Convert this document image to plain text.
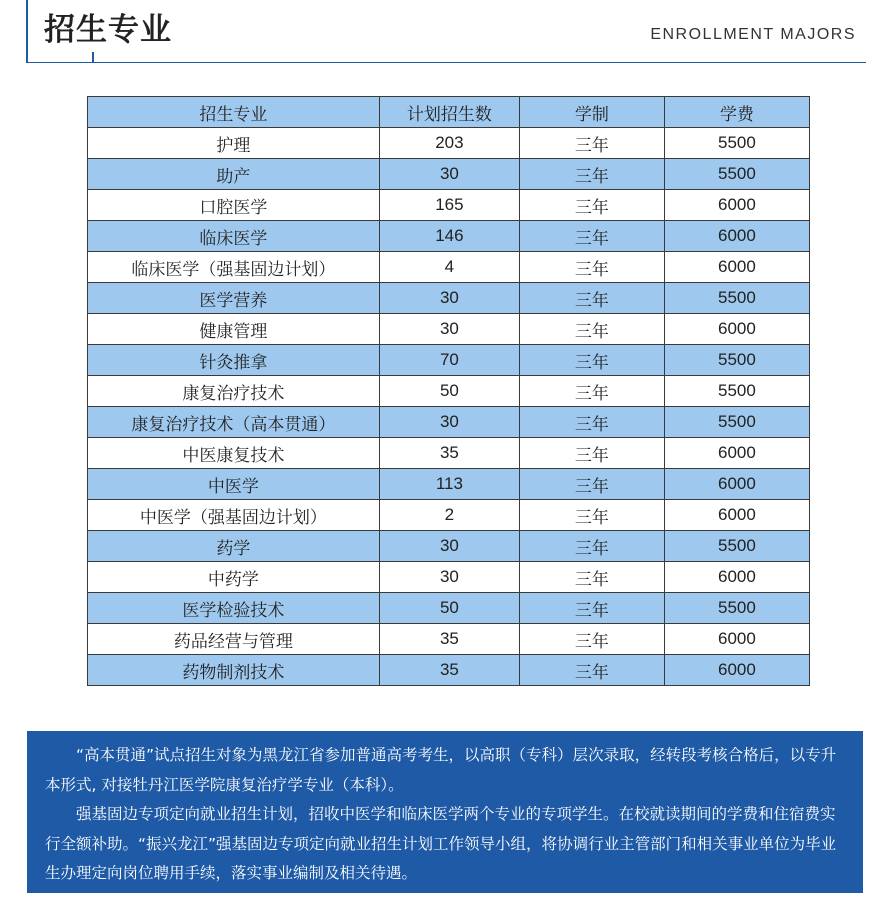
招生专业	ENROLLMENT MAJORS
招生专业	计划招生数	学制	学费
护理	203	三年	5500
助产	30	三年	5500
口腔医学	165	三年	6000
临床医学	146	三年	6000
临床医学（强基固边计划）	4	三年	6000
医学营养	30	三年	5500
健康管理	30	三年	6000
针灸推拿	70	三年	5500
康复治疗技术	50	三年	5500
康复治疗技术（高本贯通）	30	三年	5500
中医康复技术	35	三年	6000
中医学	113	三年	6000
中医学（强基固边计划）	2	三年	6000
药学	30	三年	5500
中药学	30	三年	6000
医学检验技术	50	三年	5500
药品经营与管理	35	三年	6000
药物制剂技术	35	三年	6000

“高本贯通”试点招生对象为黑龙江省参加普通高考考生，以高职（专科）层次录取，经转段考核合格后，以专升本形式, 对接牡丹江医学院康复治疗学专业（本科）。

强基固边专项定向就业招生计划，招收中医学和临床医学两个专业的专项学生。在校就读期间的学费和住宿费实行全额补助。“振兴龙江”强基固边专项定向就业招生计划工作领导小组，将协调行业主管部门和相关事业单位为毕业生办理定向岗位聘用手续，落实事业编制及相关待遇。
